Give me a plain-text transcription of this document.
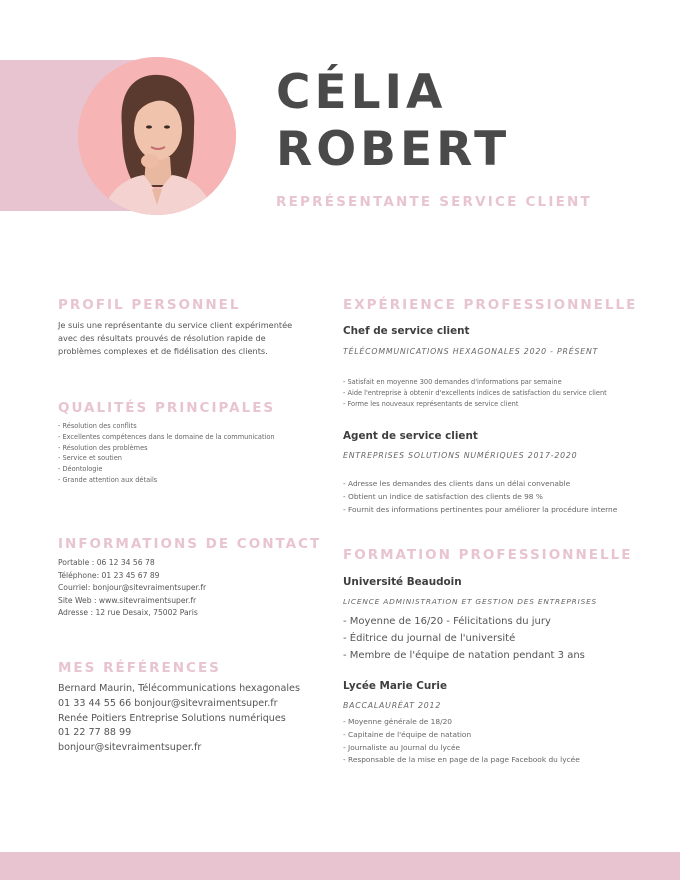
CÉLIA
ROBERT
REPRÉSENTANTE SERVICE CLIENT
PROFIL PERSONNEL
Je suis une représentante du service client expérimentée avec des résultats prouvés de résolution rapide de problèmes complexes et de fidélisation des clients.
QUALITÉS PRINCIPALES
- Résolution des conflits
- Excellentes compétences dans le domaine de la communication
- Résolution des problèmes
- Service et soutien
- Déontologie
- Grande attention aux détails
INFORMATIONS DE CONTACT
Portable : 06 12 34 56 78
Téléphone: 01 23 45 67 89
Courriel: bonjour@sitevraimentsuper.fr
Site Web : www.sitevraimentsuper.fr
Adresse : 12 rue Desaix, 75002 Paris
MES RÉFÉRENCES
Bernard Maurin, Télécommunications hexagonales
01 33 44 55 66 bonjour@sitevraimentsuper.fr
Renée Poitiers Entreprise Solutions numériques
01 22 77 88 99
bonjour@sitevraimentsuper.fr
EXPÉRIENCE PROFESSIONNELLE
Chef de service client
TÉLÉCOMMUNICATIONS HEXAGONALES 2020 - PRÉSENT
- Satisfait en moyenne 300 demandes d'informations par semaine
- Aide l'entreprise à obtenir d'excellents indices de satisfaction du service client
- Forme les nouveaux représentants de service client
Agent de service client
ENTREPRISES SOLUTIONS NUMÉRIQUES 2017-2020
- Adresse les demandes des clients dans un délai convenable
- Obtient un indice de satisfaction des clients de 98 %
- Fournit des informations pertinentes pour améliorer la procédure interne
FORMATION PROFESSIONNELLE
Université Beaudoin
LICENCE ADMINISTRATION ET GESTION DES ENTREPRISES
- Moyenne de 16/20 - Félicitations du jury
- Éditrice du journal de l'université
- Membre de l'équipe de natation pendant 3 ans
Lycée Marie Curie
BACCALAURÉAT 2012
- Moyenne générale de 18/20
- Capitaine de l'équipe de natation
- Journaliste au Journal du lycée
- Responsable de la mise en page de la page Facebook du lycée
